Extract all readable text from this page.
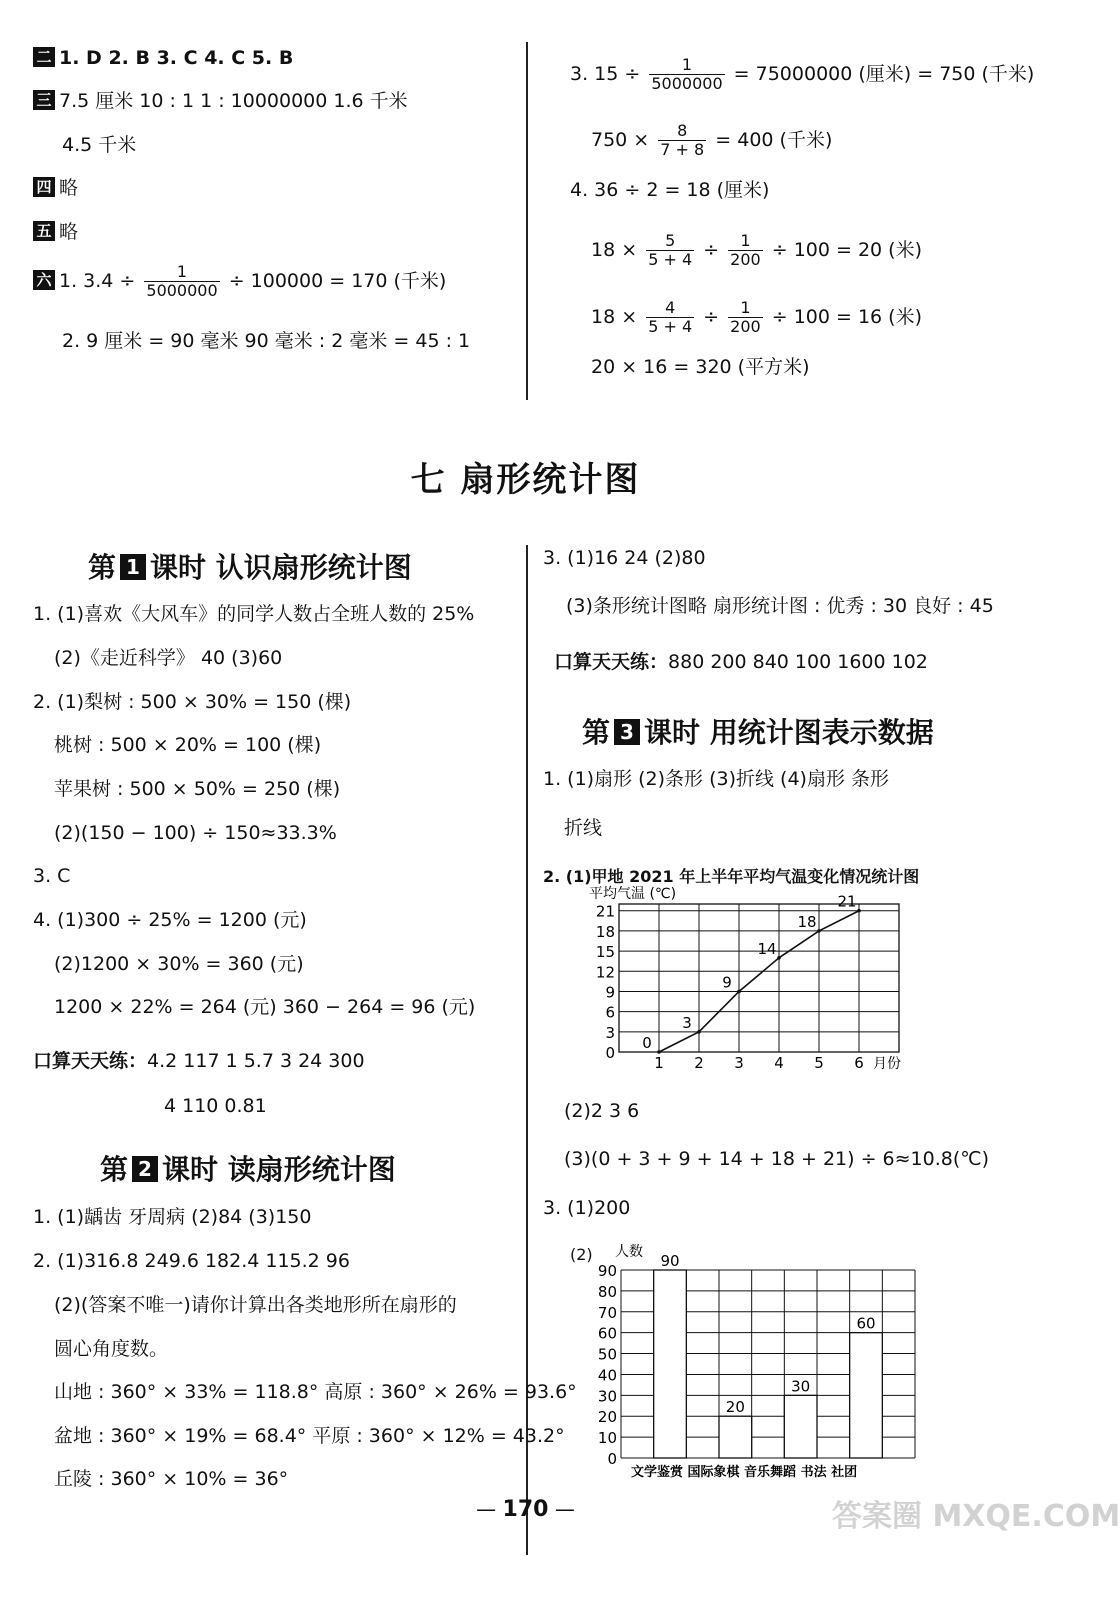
二 1. D 2. B 3. C 4. C 5. B
三 7.5 厘米 10 : 1 1 : 10000000 1.6 千米
4.5 千米
四 略
五 略
六 1. $3.4 \div \frac{1}{5000000} \div 100000 = 170$ (千米)
2. 9 厘米 = 90 毫米 90 毫米 : 2 毫米 = 45 : 1
3. $15 \div \frac{1}{5000000} = 75000000$ (厘米) = 750 (千米)
$750 \times \frac{8}{7 + 8} = 400$ (千米)
4. 36 ÷ 2 = 18 (厘米)
$18 \times \frac{5}{5 + 4} \div \frac{1}{200} \div 100 = 20$ (米)
$18 \times \frac{4}{5 + 4} \div \frac{1}{200} \div 100 = 16$ (米)
20 × 16 = 320 (平方米)
七 扇形统计图
第 1 课时 认识扇形统计图
1. (1)喜欢《大风车》的同学人数占全班人数的 25%
(2)《走近科学》 40 (3)60
2. (1)梨树 : 500 × 30% = 150 (棵)
桃树 : 500 × 20% = 100 (棵)
苹果树 : 500 × 50% = 250 (棵)
(2)(150 − 100) ÷ 150≈33.3%
3. C
4. (1)300 ÷ 25% = 1200 (元)
(2)1200 × 30% = 360 (元)
1200 × 22% = 264 (元) 360 − 264 = 96 (元)
口算天天练：4.2 117 1 5.7 3 24 300
4 110 0.81
第 2 课时 读扇形统计图
1. (1)龋齿 牙周病 (2)84 (3)150
2. (1)316.8 249.6 182.4 115.2 96
(2)(答案不唯一)请你计算出各类地形所在扇形的
圆心角度数。
山地 : 360° × 33% = 118.8° 高原 : 360° × 26% = 93.6°
盆地 : 360° × 19% = 68.4° 平原 : 360° × 12% = 43.2°
丘陵 : 360° × 10% = 36°
3. (1)16 24 (2)80
(3)条形统计图略 扇形统计图 : 优秀 : 30 良好 : 45
口算天天练：880 200 840 100 1600 102
第 3 课时 用统计图表示数据
1. (1)扇形 (2)条形 (3)折线 (4)扇形 条形
折线
2. (1)甲地 2021 年上半年平均气温变化情况统计图
0
3
6
9
12
15
18
21
平均气温 (℃)
1 2 3 4 5 6 月份
0
3
9
14
18
21
(2)2 3 6
(3)(0 + 3 + 9 + 14 + 18 + 21) ÷ 6≈10.8(℃)
3. (1)200
(2)
0
10
20
30
40
50
60
70
80
90
人数 90
20
30
60
文学鉴赏 国际象棋 音乐舞蹈 书法 社团
— 170 —	答案圈 MXQE.COM
